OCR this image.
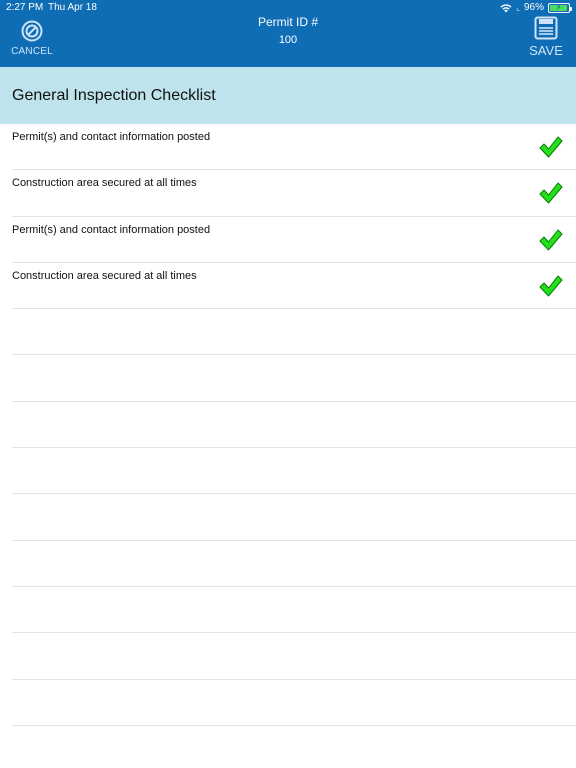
2:27 PM Thu Apr 18	⌞ 96% ⚡
CANCEL
Permit ID #
100
SAVE
General Inspection Checklist
Permit(s) and contact information posted
Construction area secured at all times
Permit(s) and contact information posted
Construction area secured at all times
